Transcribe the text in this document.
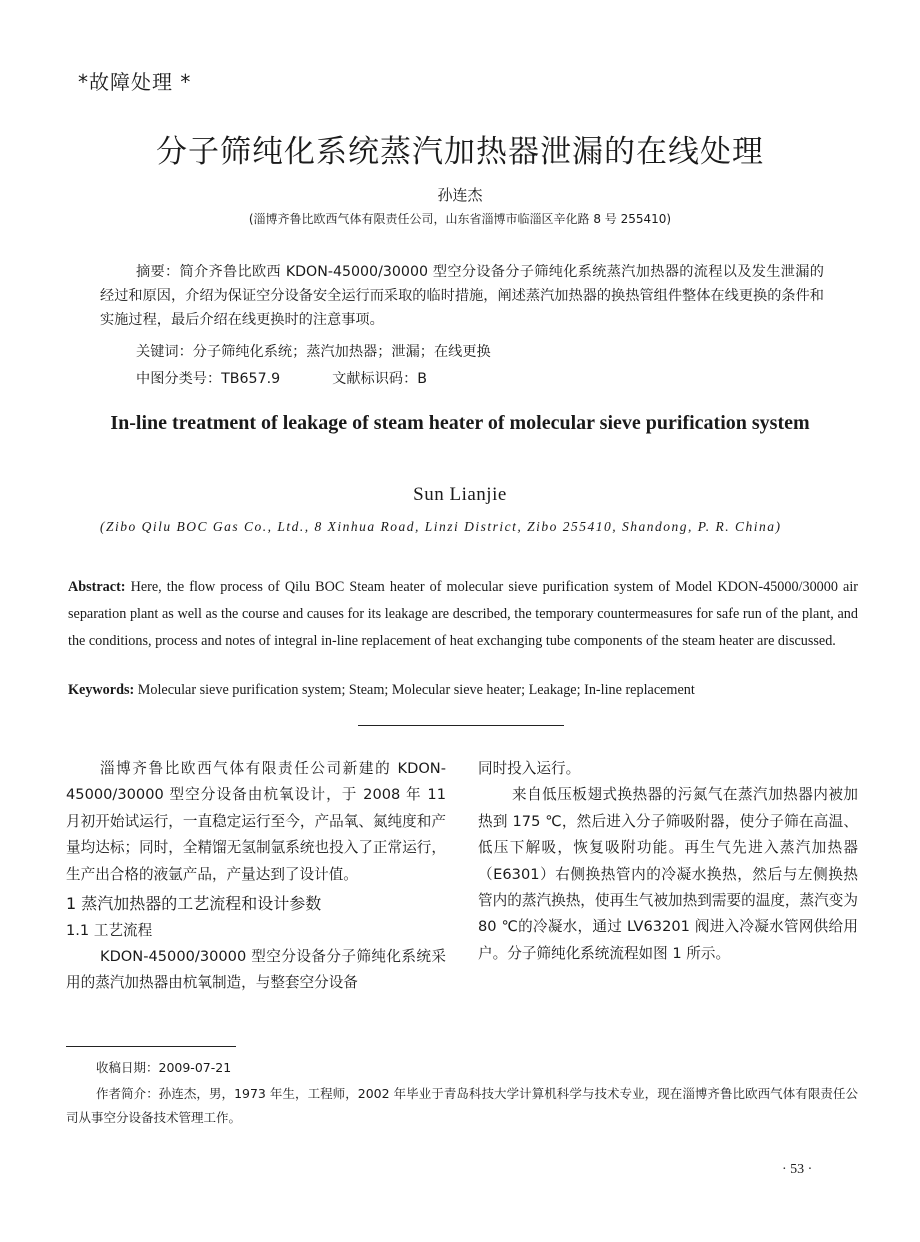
*故障处理 *
分子筛纯化系统蒸汽加热器泄漏的在线处理
孙连杰
(淄博齐鲁比欧西气体有限责任公司，山东省淄博市临淄区辛化路 8 号 255410)
摘要：简介齐鲁比欧西 KDON-45000/30000 型空分设备分子筛纯化系统蒸汽加热器的流程以及发生泄漏的经过和原因，介绍为保证空分设备安全运行而采取的临时措施，阐述蒸汽加热器的换热管组件整体在线更换的条件和实施过程，最后介绍在线更换时的注意事项。
关键词：分子筛纯化系统；蒸汽加热器；泄漏；在线更换
中图分类号：TB657.9	文献标识码：B
In-line treatment of leakage of steam heater of molecular sieve purification system
Sun Lianjie
(Zibo Qilu BOC Gas Co., Ltd., 8 Xinhua Road, Linzi District, Zibo 255410, Shandong, P. R. China)
Abstract: Here, the flow process of Qilu BOC Steam heater of molecular sieve purification system of Model KDON-45000/30000 air separation plant as well as the course and causes for its leakage are described, the temporary countermeasures for safe run of the plant, and the conditions, process and notes of integral in-line replacement of heat exchanging tube components of the steam heater are discussed.
Keywords: Molecular sieve purification system; Steam; Molecular sieve heater; Leakage; In-line replacement

淄博齐鲁比欧西气体有限责任公司新建的 KDON-45000/30000 型空分设备由杭氧设计，于 2008 年 11 月初开始试运行，一直稳定运行至今，产品氧、氮纯度和产量均达标；同时，全精馏无氢制氩系统也投入了正常运行，生产出合格的液氩产品，产量达到了设计值。

1 蒸汽加热器的工艺流程和设计参数

1.1 工艺流程

KDON-45000/30000 型空分设备分子筛纯化系统采用的蒸汽加热器由杭氧制造，与整套空分设备

同时投入运行。

来自低压板翅式换热器的污氮气在蒸汽加热器内被加热到 175 ℃，然后进入分子筛吸附器，使分子筛在高温、低压下解吸，恢复吸附功能。再生气先进入蒸汽加热器（E6301）右侧换热管内的冷凝水换热，然后与左侧换热管内的蒸汽换热，使再生气被加热到需要的温度，蒸汽变为 80 ℃的冷凝水，通过 LV63201 阀进入冷凝水管网供给用户。分子筛纯化系统流程如图 1 所示。

收稿日期：2009-07-21
作者简介：孙连杰，男，1973 年生，工程师，2002 年毕业于青岛科技大学计算机科学与技术专业，现在淄博齐鲁比欧西气体有限责任公司从事空分设备技术管理工作。
· 53 ·
